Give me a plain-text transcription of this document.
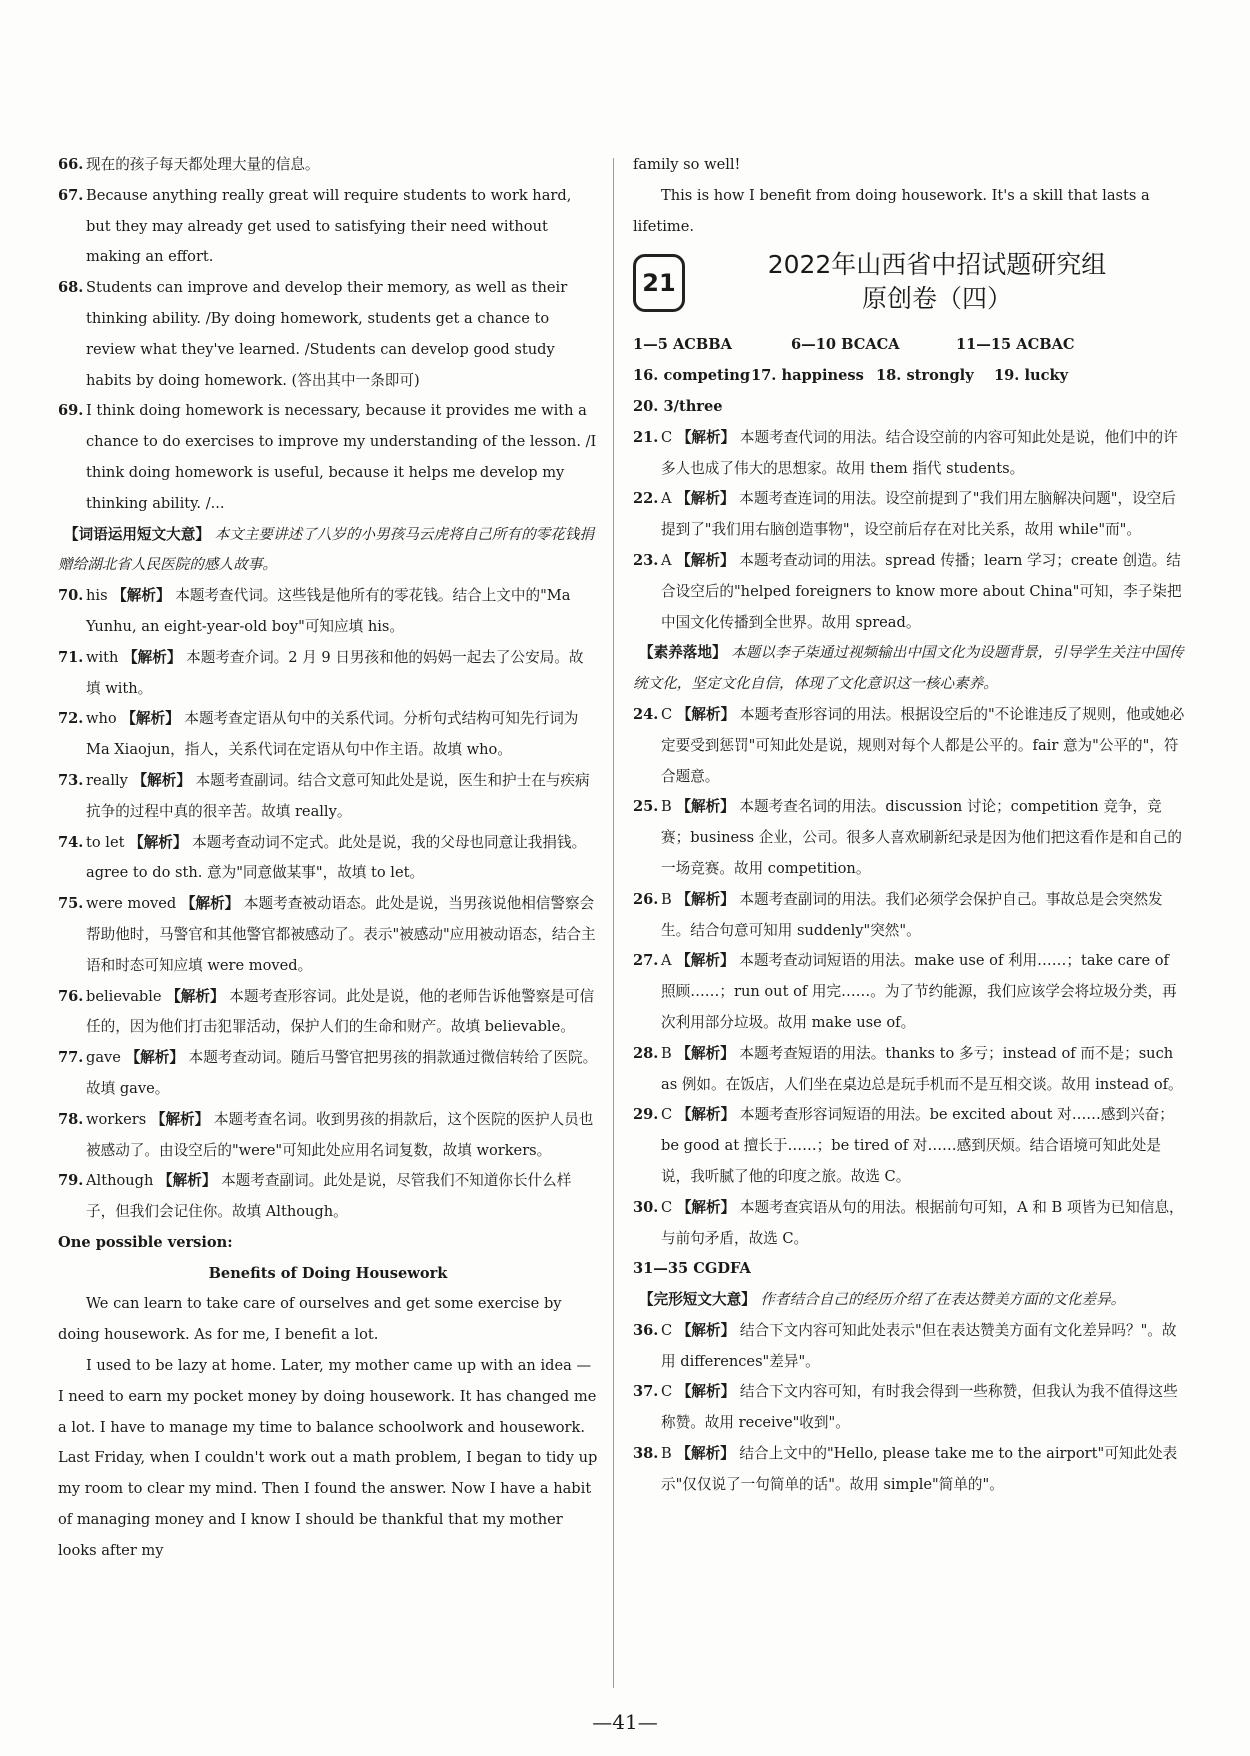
66. 现在的孩子每天都处理大量的信息。

67. Because anything really great will require students to work hard, but they may already get used to satisfying their need without making an effort.

68. Students can improve and develop their memory, as well as their thinking ability. /By doing homework, students get a chance to review what they've learned. /Students can develop good study habits by doing homework. (答出其中一条即可)

69. I think doing homework is necessary, because it provides me with a chance to do exercises to improve my understanding of the lesson. /I think doing homework is useful, because it helps me develop my thinking ability. /...

【词语运用短文大意】 本文主要讲述了八岁的小男孩马云虎将自己所有的零花钱捐赠给湖北省人民医院的感人故事。

70. his 【解析】 本题考查代词。这些钱是他所有的零花钱。结合上文中的"Ma Yunhu, an eight-year-old boy"可知应填 his。

71. with 【解析】 本题考查介词。2 月 9 日男孩和他的妈妈一起去了公安局。故填 with。

72. who 【解析】 本题考查定语从句中的关系代词。分析句式结构可知先行词为 Ma Xiaojun，指人，关系代词在定语从句中作主语。故填 who。

73. really 【解析】 本题考查副词。结合文意可知此处是说，医生和护士在与疾病抗争的过程中真的很辛苦。故填 really。

74. to let 【解析】 本题考查动词不定式。此处是说，我的父母也同意让我捐钱。agree to do sth. 意为"同意做某事"，故填 to let。

75. were moved 【解析】 本题考查被动语态。此处是说，当男孩说他相信警察会帮助他时，马警官和其他警官都被感动了。表示"被感动"应用被动语态，结合主语和时态可知应填 were moved。

76. believable 【解析】 本题考查形容词。此处是说，他的老师告诉他警察是可信任的，因为他们打击犯罪活动，保护人们的生命和财产。故填 believable。

77. gave 【解析】 本题考查动词。随后马警官把男孩的捐款通过微信转给了医院。故填 gave。

78. workers 【解析】 本题考查名词。收到男孩的捐款后，这个医院的医护人员也被感动了。由设空后的"were"可知此处应用名词复数，故填 workers。

79. Although 【解析】 本题考查副词。此处是说，尽管我们不知道你长什么样子，但我们会记住你。故填 Although。

One possible version:

Benefits of Doing Housework

We can learn to take care of ourselves and get some exercise by doing housework. As for me, I benefit a lot.

I used to be lazy at home. Later, my mother came up with an idea — I need to earn my pocket money by doing housework. It has changed me a lot. I have to manage my time to balance schoolwork and housework. Last Friday, when I couldn't work out a math problem, I began to tidy up my room to clear my mind. Then I found the answer. Now I have a habit of managing money and I know I should be thankful that my mother looks after my

family so well!

This is how I benefit from doing housework. It's a skill that lasts a lifetime.

21
2022年山西省中招试题研究组
原创卷（四）

1—5 ACBBA	6—10 BCACA	11—15 ACBAC

16. competing17. happiness 18. strongly 19. lucky

20. 3/three

21. C 【解析】 本题考查代词的用法。结合设空前的内容可知此处是说，他们中的许多人也成了伟大的思想家。故用 them 指代 students。

22. A 【解析】 本题考查连词的用法。设空前提到了"我们用左脑解决问题"，设空后提到了"我们用右脑创造事物"，设空前后存在对比关系，故用 while"而"。

23. A 【解析】 本题考查动词的用法。spread 传播；learn 学习；create 创造。结合设空后的"helped foreigners to know more about China"可知，李子柒把中国文化传播到全世界。故用 spread。

【素养落地】 本题以李子柒通过视频输出中国文化为设题背景，引导学生关注中国传统文化，坚定文化自信，体现了文化意识这一核心素养。

24. C 【解析】 本题考查形容词的用法。根据设空后的"不论谁违反了规则，他或她必定要受到惩罚"可知此处是说，规则对每个人都是公平的。fair 意为"公平的"，符合题意。

25. B 【解析】 本题考查名词的用法。discussion 讨论；competition 竞争，竞赛；business 企业，公司。很多人喜欢刷新纪录是因为他们把这看作是和自己的一场竞赛。故用 competition。

26. B 【解析】 本题考查副词的用法。我们必须学会保护自己。事故总是会突然发生。结合句意可知用 suddenly"突然"。

27. A 【解析】 本题考查动词短语的用法。make use of 利用……；take care of 照顾……；run out of 用完……。为了节约能源，我们应该学会将垃圾分类，再次利用部分垃圾。故用 make use of。

28. B 【解析】 本题考查短语的用法。thanks to 多亏；instead of 而不是；such as 例如。在饭店，人们坐在桌边总是玩手机而不是互相交谈。故用 instead of。

29. C 【解析】 本题考查形容词短语的用法。be excited about 对……感到兴奋；be good at 擅长于……；be tired of 对……感到厌烦。结合语境可知此处是说，我听腻了他的印度之旅。故选 C。

30. C 【解析】 本题考查宾语从句的用法。根据前句可知，A 和 B 项皆为已知信息，与前句矛盾，故选 C。

31—35 CGDFA

【完形短文大意】 作者结合自己的经历介绍了在表达赞美方面的文化差异。

36. C 【解析】 结合下文内容可知此处表示"但在表达赞美方面有文化差异吗？"。故用 differences"差异"。

37. C 【解析】 结合下文内容可知，有时我会得到一些称赞，但我认为我不值得这些称赞。故用 receive"收到"。

38. B 【解析】 结合上文中的"Hello, please take me to the airport"可知此处表示"仅仅说了一句简单的话"。故用 simple"简单的"。

—41—
